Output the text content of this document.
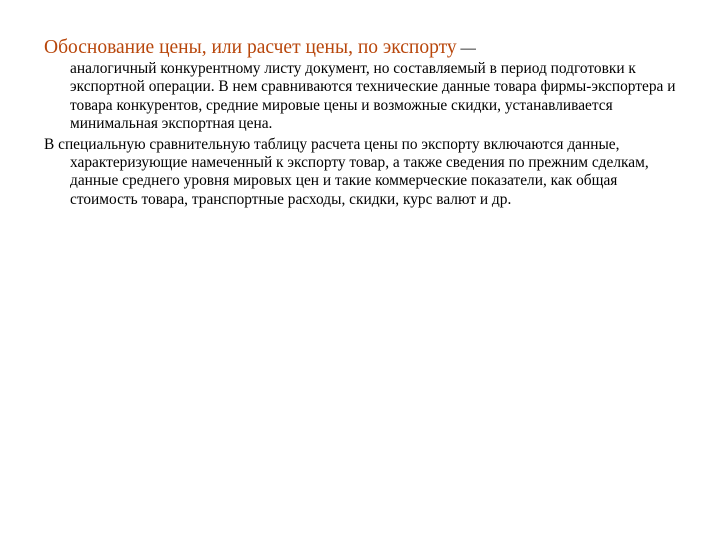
Обоснование цены, или расчет цены, по экспорту —
аналогичный конкурентному листу документ, но составляемый в период подготовки к экспортной операции. В нем сравниваются технические данные товара фирмы-экспортера и товара конкурентов, средние мировые цены и возможные скидки, устанавливается минимальная экспортная цена.

В специальную сравнительную таблицу расчета цены по экспорту включаются данные, характеризующие намеченный к экспорту товар, а также сведения по прежним сделкам, данные среднего уровня мировых цен и такие коммерческие показатели, как общая стоимость товара, транспортные расходы, скидки, курс валют и др.
